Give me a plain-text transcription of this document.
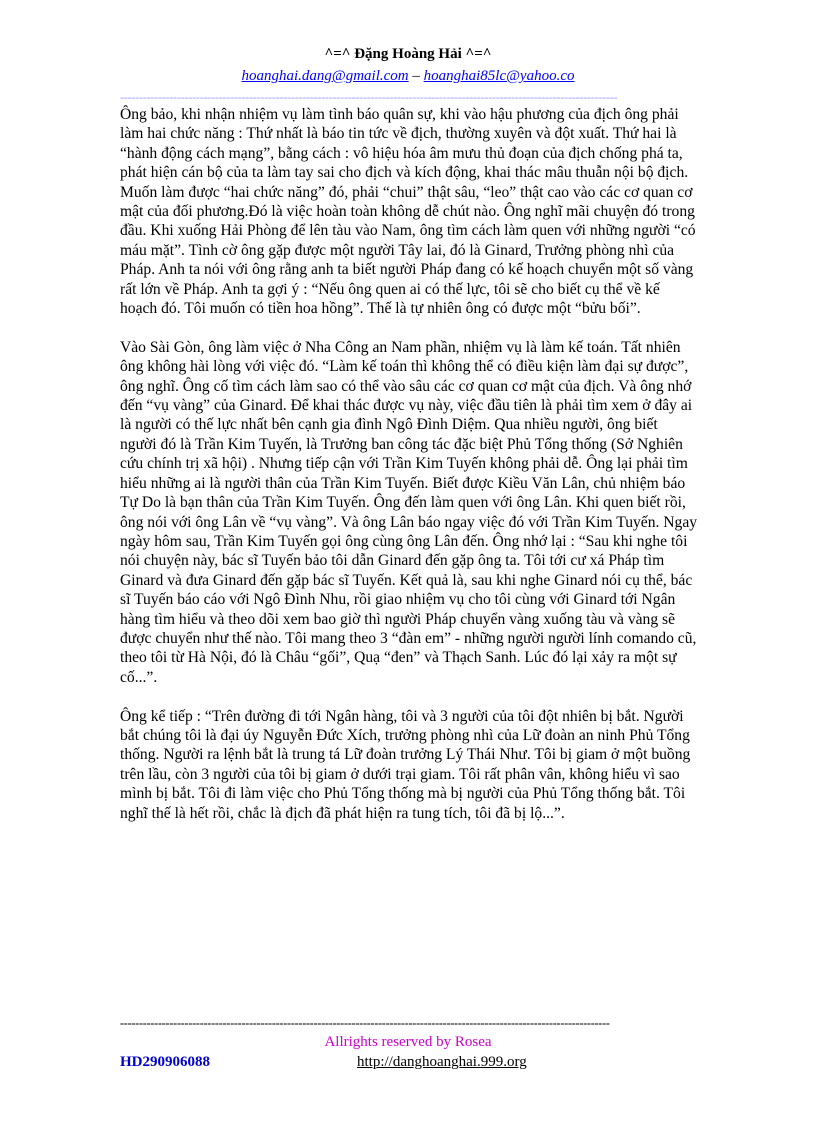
^=^ Đặng Hoàng Hải ^=^
hoanghai.dang@gmail.com – hoanghai85lc@yahoo.co
-----------------------------------------------------------------------------------------------------------------------------------

Ông bảo, khi nhận nhiệm vụ làm tình báo quân sự, khi vào hậu phương của địch ông phải làm hai chức năng : Thứ nhất là báo tin tức về địch, thường xuyên và đột xuất. Thứ hai là “hành động cách mạng”, bằng cách : vô hiệu hóa âm mưu thủ đoạn của địch chống phá ta, phát hiện cán bộ của ta làm tay sai cho địch và kích động, khai thác mâu thuẫn nội bộ địch. Muốn làm được “hai chức năng” đó, phải “chui” thật sâu, “leo” thật cao vào các cơ quan cơ mật của đối phương.Đó là việc hoàn toàn không dễ chút nào. Ông nghĩ mãi chuyện đó trong đầu. Khi xuống Hải Phòng để lên tàu vào Nam, ông tìm cách làm quen với những người “có máu mặt”. Tình cờ ông gặp được một người Tây lai, đó là Ginard, Trưởng phòng nhì của Pháp. Anh ta nói với ông rằng anh ta biết người Pháp đang có kế hoạch chuyển một số vàng rất lớn về Pháp. Anh ta gợi ý : “Nếu ông quen ai có thế lực, tôi sẽ cho biết cụ thể về kế hoạch đó. Tôi muốn có tiền hoa hồng”. Thế là tự nhiên ông có được một “bửu bối”.

Vào Sài Gòn, ông làm việc ở Nha Công an Nam phần, nhiệm vụ là làm kế toán. Tất nhiên ông không hài lòng với việc đó. “Làm kế toán thì không thể có điều kiện làm đại sự được”, ông nghĩ. Ông cố tìm cách làm sao có thể vào sâu các cơ quan cơ mật của địch. Và ông nhớ đến “vụ vàng” của Ginard. Để khai thác được vụ này, việc đầu tiên là phải tìm xem ở đây ai là người có thế lực nhất bên cạnh gia đình Ngô Đình Diệm. Qua nhiều người, ông biết người đó là Trần Kim Tuyến, là Trưởng ban công tác đặc biệt Phủ Tổng thống (Sở Nghiên cứu chính trị xã hội) . Nhưng tiếp cận với Trần Kim Tuyến không phải dễ. Ông lại phải tìm hiểu những ai là người thân của Trần Kim Tuyến. Biết được Kiều Văn Lân, chủ nhiệm báo Tự Do là bạn thân của Trần Kim Tuyến. Ông đến làm quen với ông Lân. Khi quen biết rồi, ông nói với ông Lân về “vụ vàng”. Và ông Lân báo ngay việc đó với Trần Kim Tuyến. Ngay ngày hôm sau, Trần Kim Tuyến gọi ông cùng ông Lân đến. Ông nhớ lại : “Sau khi nghe tôi nói chuyện này, bác sĩ Tuyến bảo tôi dẫn Ginard đến gặp ông ta. Tôi tới cư xá Pháp tìm Ginard và đưa Ginard đến gặp bác sĩ Tuyến. Kết quả là, sau khi nghe Ginard nói cụ thể, bác sĩ Tuyến báo cáo với Ngô Đình Nhu, rồi giao nhiệm vụ cho tôi cùng với Ginard tới Ngân hàng tìm hiểu và theo dõi xem bao giờ thì người Pháp chuyển vàng xuống tàu và vàng sẽ được chuyển như thế nào. Tôi mang theo 3 “đàn em” - những người người lính comando cũ, theo tôi từ Hà Nội, đó là Châu “gối”, Quạ “đen” và Thạch Sanh. Lúc đó lại xảy ra một sự cố...”.

Ông kể tiếp : “Trên đường đi tới Ngân hàng, tôi và 3 người của tôi đột nhiên bị bắt. Người bắt chúng tôi là đại úy Nguyễn Đức Xích, trưởng phòng nhì của Lữ đoàn an ninh Phủ Tổng thống. Người ra lệnh bắt là trung tá Lữ đoàn trưởng Lý Thái Như. Tôi bị giam ở một buồng trên lầu, còn 3 người của tôi bị giam ở dưới trại giam. Tôi rất phân vân, không hiểu vì sao mình bị bắt. Tôi đi làm việc cho Phủ Tổng thống mà bị người của Phủ Tổng thống bắt. Tôi nghĩ thế là hết rồi, chắc là địch đã phát hiện ra tung tích, tôi đã bị lộ...”.

---------------------------------------------------------------------------------------------------------------------------------
Allrights reserved by Rosea
HD290906088	http://danghoanghai.999.org
